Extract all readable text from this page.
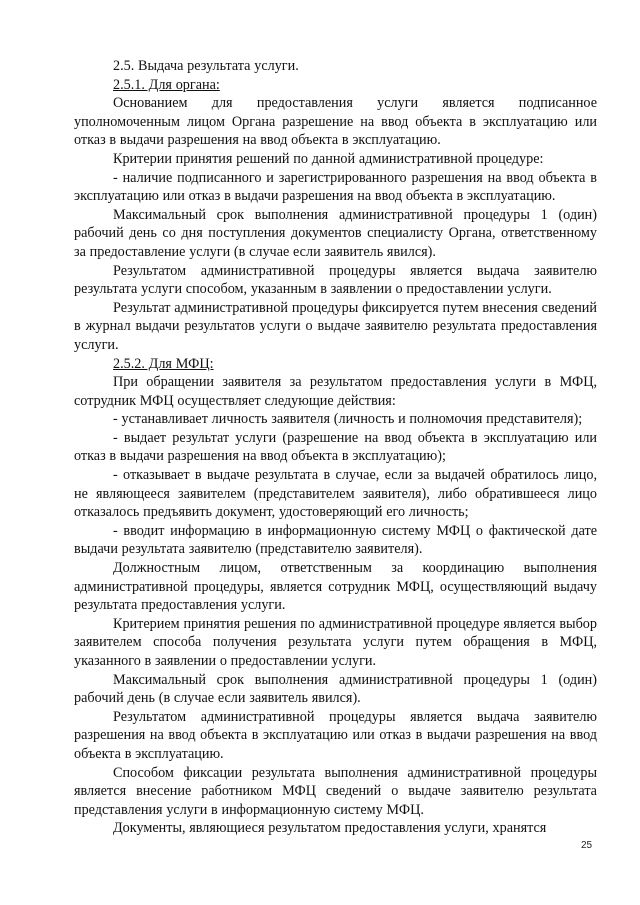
2.5. Выдача результата услуги.

2.5.1. Для органа:

Основанием для предоставления услуги является подписанное уполномоченным лицом Органа разрешение на ввод объекта в эксплуатацию или отказ в выдачи разрешения на ввод объекта в эксплуатацию.

Критерии принятия решений по данной административной процедуре:

- наличие подписанного и зарегистрированного разрешения на ввод объекта в эксплуатацию или отказ в выдачи разрешения на ввод объекта в эксплуатацию.

Максимальный срок выполнения административной процедуры 1 (один) рабочий день со дня поступления документов специалисту Органа, ответственному за предоставление услуги (в случае если заявитель явился).

Результатом административной процедуры является выдача заявителю результата услуги способом, указанным в заявлении о предоставлении услуги.

Результат административной процедуры фиксируется путем внесения сведений в журнал выдачи результатов услуги о выдаче заявителю результата предоставления услуги.

2.5.2. Для МФЦ:

При обращении заявителя за результатом предоставления услуги в МФЦ, сотрудник МФЦ осуществляет следующие действия:

- устанавливает личность заявителя (личность и полномочия представителя);

- выдает результат услуги (разрешение на ввод объекта в эксплуатацию или отказ в выдачи разрешения на ввод объекта в эксплуатацию);

- отказывает в выдаче результата в случае, если за выдачей обратилось лицо, не являющееся заявителем (представителем заявителя), либо обратившееся лицо отказалось предъявить документ, удостоверяющий его личность;

- вводит информацию в информационную систему МФЦ о фактической дате выдачи результата заявителю (представителю заявителя).

Должностным лицом, ответственным за координацию выполнения административной процедуры, является сотрудник МФЦ, осуществляющий выдачу результата предоставления услуги.

Критерием принятия решения по административной процедуре является выбор заявителем способа получения результата услуги путем обращения в МФЦ, указанного в заявлении о предоставлении услуги.

Максимальный срок выполнения административной процедуры 1 (один) рабочий день (в случае если заявитель явился).

Результатом административной процедуры является выдача заявителю разрешения на ввод объекта в эксплуатацию или отказ в выдачи разрешения на ввод объекта в эксплуатацию.

Способом фиксации результата выполнения административной процедуры является внесение работником МФЦ сведений о выдаче заявителю результата представления услуги в информационную систему МФЦ.

Документы, являющиеся результатом предоставления услуги, хранятся

25
